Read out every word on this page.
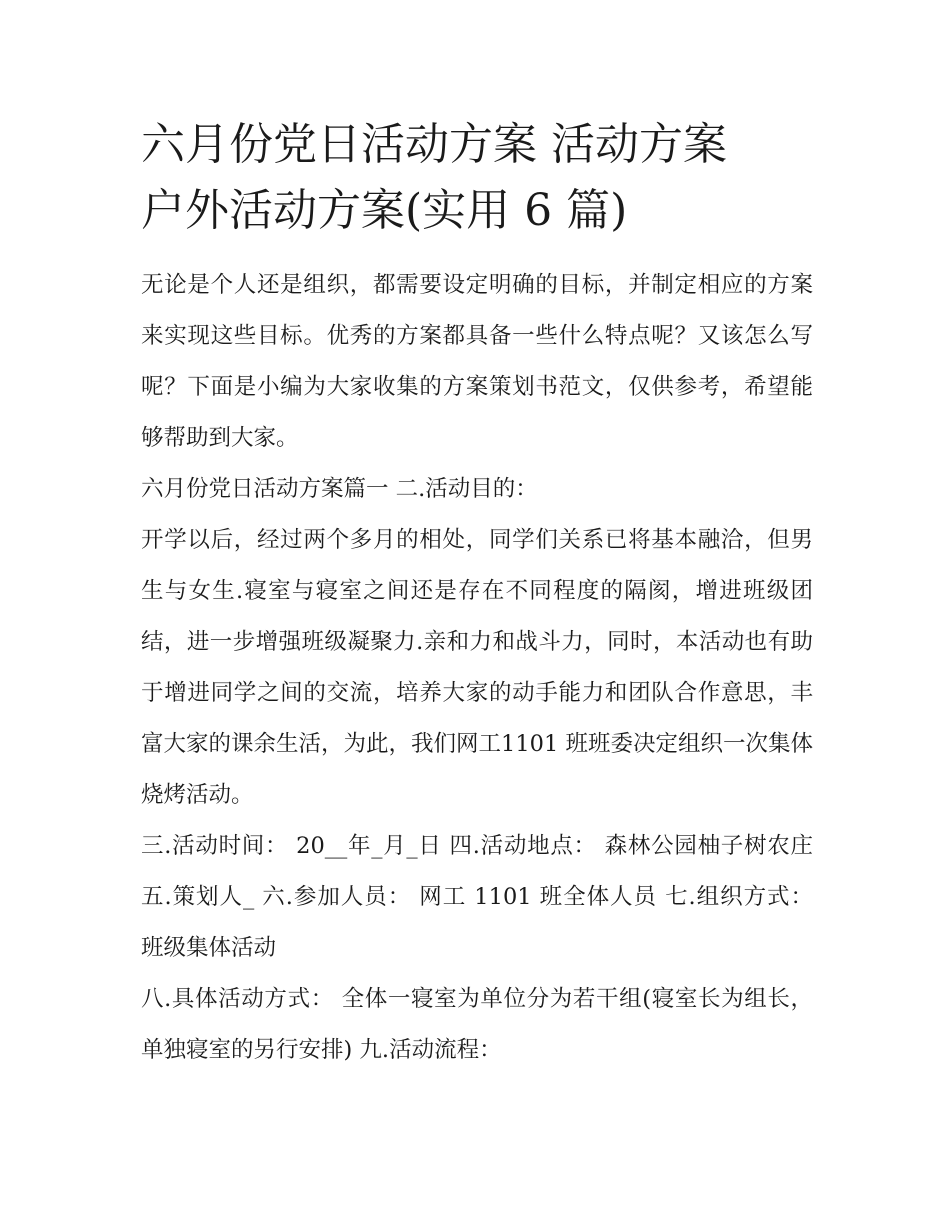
六月份党日活动方案 活动方案
户外活动方案(实用 6 篇)

无论是个人还是组织，都需要设定明确的目标，并制定相应的方案来实现这些目标。优秀的方案都具备一些什么特点呢？又该怎么写呢？下面是小编为大家收集的方案策划书范文，仅供参考，希望能够帮助到大家。

六月份党日活动方案篇一 二.活动目的：

开学以后，经过两个多月的相处，同学们关系已将基本融洽，但男生与女生.寝室与寝室之间还是存在不同程度的隔阂，增进班级团结，进一步增强班级凝聚力.亲和力和战斗力，同时，本活动也有助于增进同学之间的交流，培养大家的动手能力和团队合作意思，丰富大家的课余生活，为此，我们网工1101 班班委决定组织一次集体烧烤活动。

三.活动时间： 20__年_月_日 四.活动地点： 森林公园柚子树农庄 五.策划人_ 六.参加人员： 网工 1101 班全体人员 七.组织方式： 班级集体活动

八.具体活动方式： 全体一寝室为单位分为若干组(寝室长为组长，单独寝室的另行安排) 九.活动流程：
